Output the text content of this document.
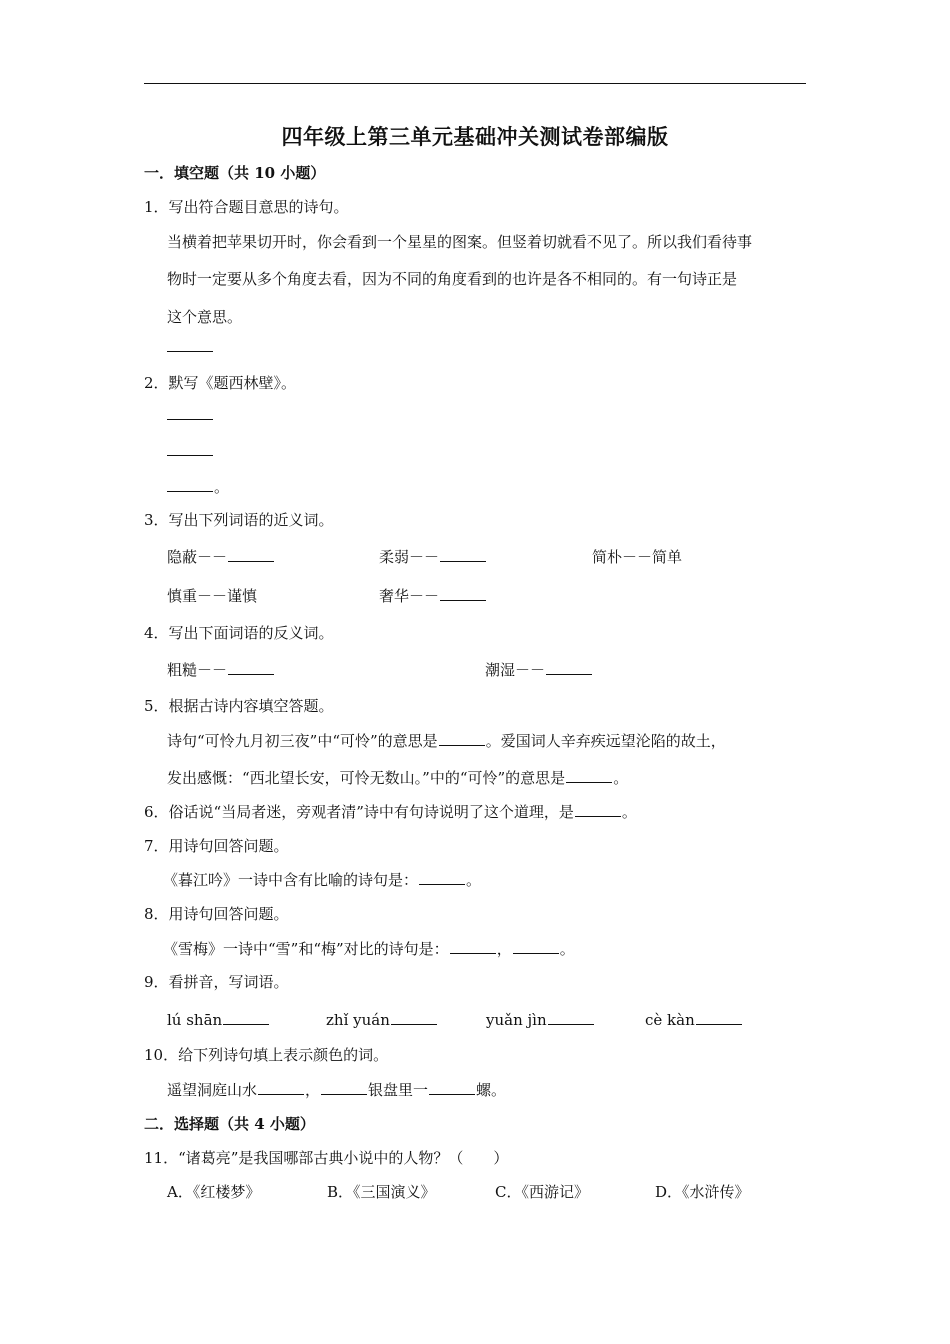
四年级上第三单元基础冲关测试卷部编版
一．填空题（共 10 小题）
1．写出符合题目意思的诗句。
当横着把苹果切开时，你会看到一个星星的图案。但竖着切就看不见了。所以我们看待事
物时一定要从多个角度去看，因为不同的角度看到的也许是各不相同的。有一句诗正是
这个意思。
2．默写《题西林壁》。
。
3．写出下列词语的近义词。
隐蔽－－	柔弱－－	简朴－－简单
慎重－－谨慎	奢华－－
4．写出下面词语的反义词。
粗糙－－	潮湿－－
5．根据古诗内容填空答题。
诗句“可怜九月初三夜”中“可怜”的意思是	。爱国词人辛弃疾远望沦陷的故土，
发出感慨：“西北望长安，可怜无数山。”中的“可怜”的意思是	。
6．俗话说“当局者迷，旁观者清”诗中有句诗说明了这个道理，是	。
7．用诗句回答问题。
《暮江吟》一诗中含有比喻的诗句是：	。
8．用诗句回答问题。
《雪梅》一诗中“雪”和“梅”对比的诗句是：	，	。
9．看拼音，写词语。
lú shān	zhǐ yuán	yuǎn jìn	cè kàn
10．给下列诗句填上表示颜色的词。
遥望洞庭山水	，	银盘里一	螺。
二．选择题（共 4 小题）
11．“诸葛亮”是我国哪部古典小说中的人物？（　　）
A．《红楼梦》	B．《三国演义》	C．《西游记》	D．《水浒传》
